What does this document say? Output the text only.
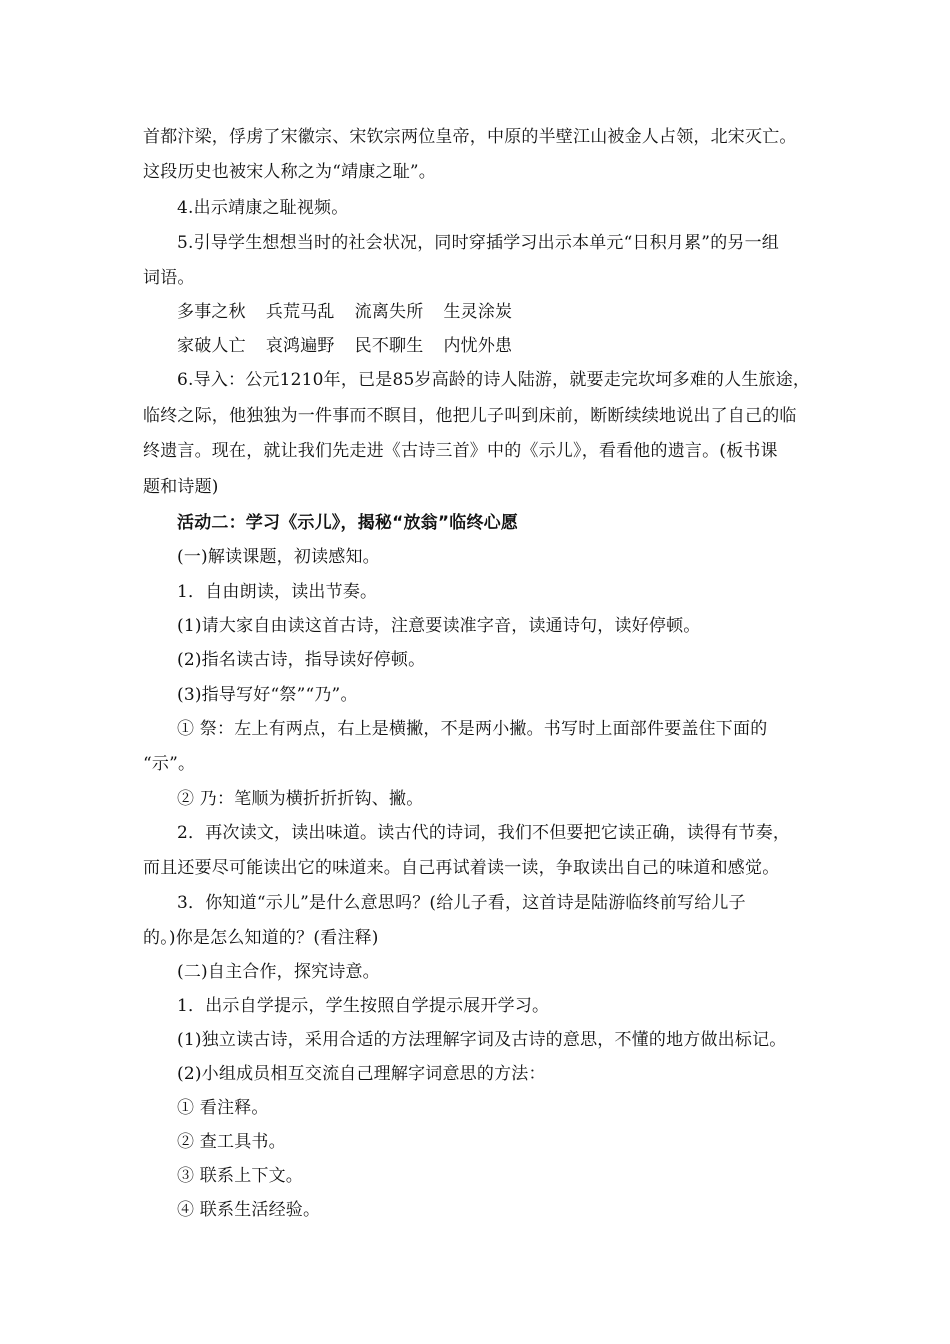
首都汴梁，俘虏了宋徽宗、宋钦宗两位皇帝，中原的半壁江山被金人占领，北宋灭亡。
这段历史也被宋人称之为“靖康之耻”。
4.出示靖康之耻视频。
5.引导学生想想当时的社会状况，同时穿插学习出示本单元“日积月累”的另一组
词语。
多事之秋 兵荒马乱 流离失所 生灵涂炭
家破人亡 哀鸿遍野 民不聊生 内忧外患
6.导入：公元1210年，已是85岁高龄的诗人陆游，就要走完坎坷多难的人生旅途，
临终之际，他独独为一件事而不瞑目，他把儿子叫到床前，断断续续地说出了自己的临
终遗言。现在，就让我们先走进《古诗三首》中的《示儿》，看看他的遗言。(板书课
题和诗题)
活动二：学习《示儿》，揭秘“放翁”临终心愿
(一)解读课题，初读感知。
1．自由朗读，读出节奏。
(1)请大家自由读这首古诗，注意要读准字音，读通诗句，读好停顿。
(2)指名读古诗，指导读好停顿。
(3)指导写好“祭”“乃”。
① 祭：左上有两点，右上是横撇，不是两小撇。书写时上面部件要盖住下面的
“示”。
② 乃：笔顺为横折折折钩、撇。
2．再次读文，读出味道。读古代的诗词，我们不但要把它读正确，读得有节奏，
而且还要尽可能读出它的味道来。自己再试着读一读，争取读出自己的味道和感觉。
3．你知道“示儿”是什么意思吗？(给儿子看，这首诗是陆游临终前写给儿子
的。)你是怎么知道的？(看注释)
(二)自主合作，探究诗意。
1．出示自学提示，学生按照自学提示展开学习。
(1)独立读古诗，采用合适的方法理解字词及古诗的意思，不懂的地方做出标记。
(2)小组成员相互交流自己理解字词意思的方法：
① 看注释。
② 查工具书。
③ 联系上下文。
④ 联系生活经验。
